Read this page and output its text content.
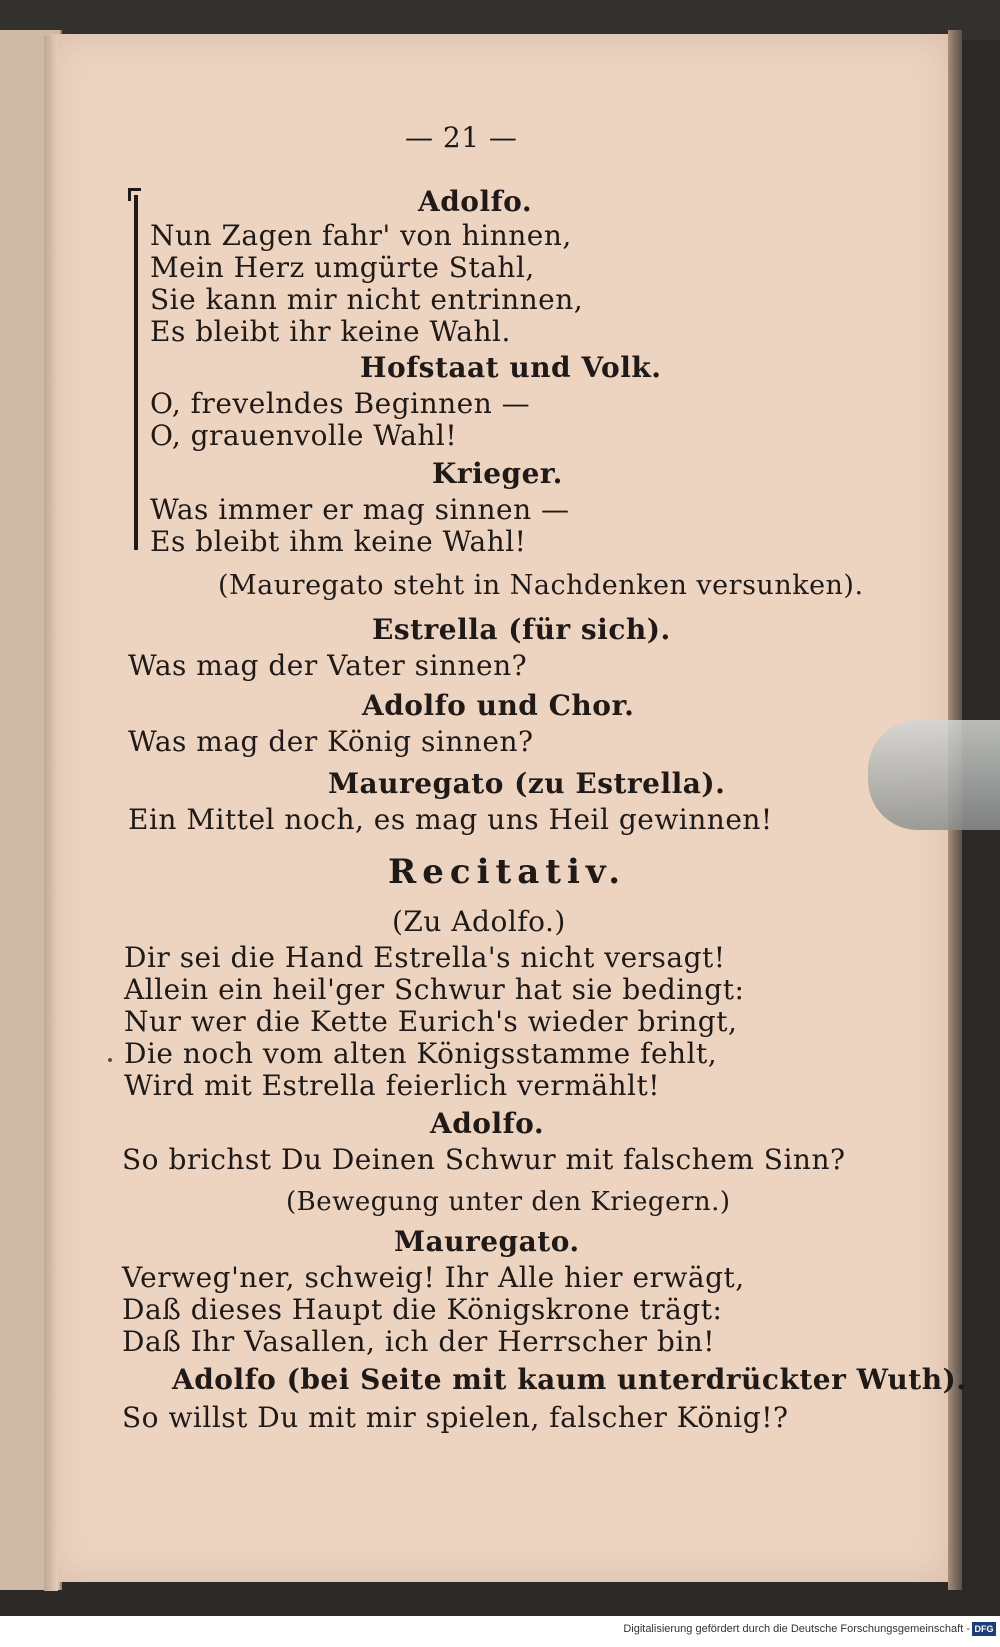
— 21 —
Adolfo.
Nun Zagen fahr' von hinnen,
Mein Herz umgürte Stahl,
Sie kann mir nicht entrinnen,
Es bleibt ihr keine Wahl.
Hofstaat und Volk.
O, frevelndes Beginnen —
O, grauenvolle Wahl!
Krieger.
Was immer er mag sinnen —
Es bleibt ihm keine Wahl!
(Mauregato steht in Nachdenken versunken).
Estrella (für sich).
Was mag der Vater sinnen?
Adolfo und Chor.
Was mag der König sinnen?
Mauregato (zu Estrella).
Ein Mittel noch, es mag uns Heil gewinnen!
Recitativ.
(Zu Adolfo.)
Dir sei die Hand Estrella's nicht versagt!
Allein ein heil'ger Schwur hat sie bedingt:
Nur wer die Kette Eurich's wieder bringt,
Die noch vom alten Königsstamme fehlt,
Wird mit Estrella feierlich vermählt!
Adolfo.
So brichst Du Deinen Schwur mit falschem Sinn?
(Bewegung unter den Kriegern.)
Mauregato.
Verweg'ner, schweig! Ihr Alle hier erwägt,
Daß dieses Haupt die Königskrone trägt:
Daß Ihr Vasallen, ich der Herrscher bin!
Adolfo (bei Seite mit kaum unterdrückter Wuth).
So willst Du mit mir spielen, falscher König!?
Digitalisierung gefördert durch die Deutsche Forschungsgemeinschaft - DFG
